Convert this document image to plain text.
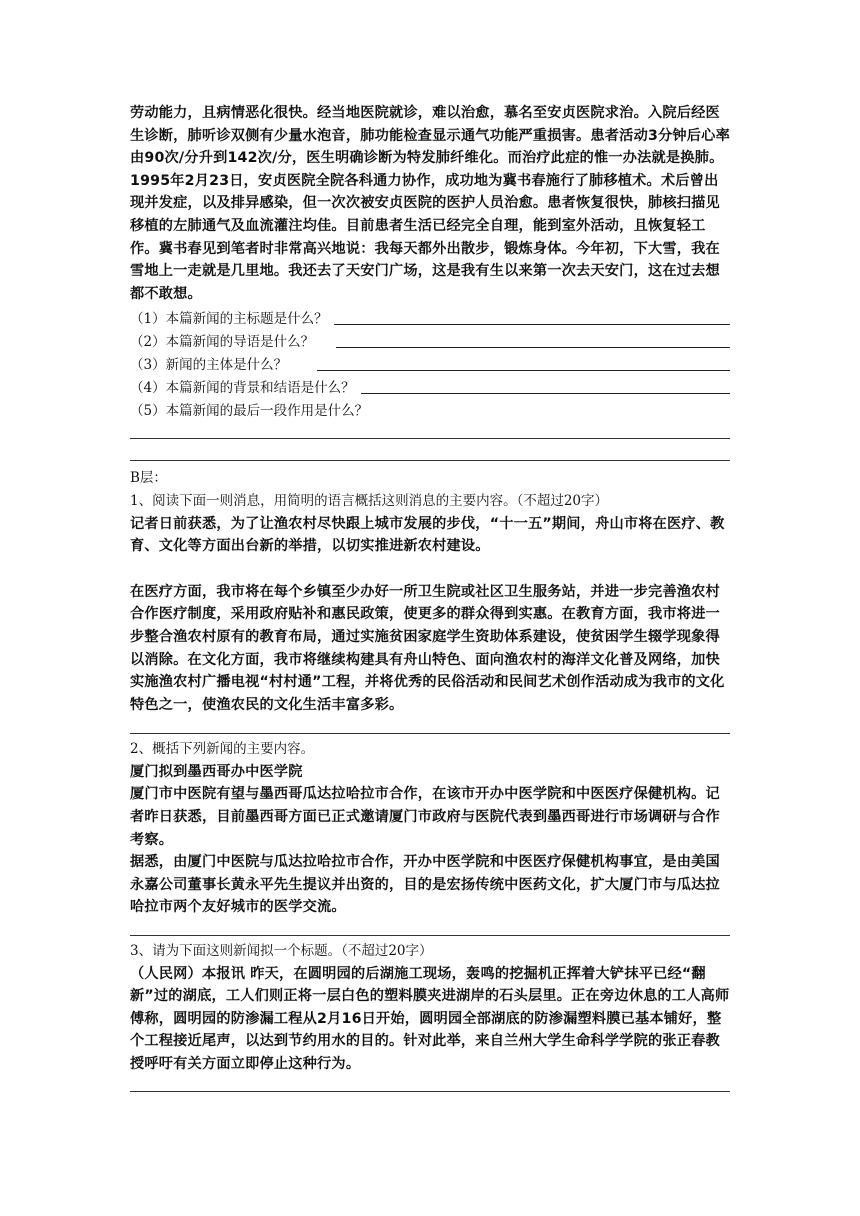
劳动能力，且病情恶化很快。经当地医院就诊，难以治愈，慕名至安贞医院求治。入院后经医生诊断，肺听诊双侧有少量水泡音，肺功能检查显示通气功能严重损害。患者活动3分钟后心率由90次/分升到142次/分，医生明确诊断为特发肺纤维化。而治疗此症的惟一办法就是换肺。1995年2月23日，安贞医院全院各科通力协作，成功地为冀书春施行了肺移植术。术后曾出现并发症，以及排异感染，但一次次被安贞医院的医护人员治愈。患者恢复很快，肺核扫描见移植的左肺通气及血流灌注均佳。目前患者生活已经完全自理，能到室外活动，且恢复轻工作。冀书春见到笔者时非常高兴地说：我每天都外出散步，锻炼身体。今年初，下大雪，我在雪地上一走就是几里地。我还去了天安门广场，这是我有生以来第一次去天安门，这在过去想都不敢想。

（1）本篇新闻的主标题是什么？
（2）本篇新闻的导语是什么？
（3）新闻的主体是什么？
（4）本篇新闻的背景和结语是什么？
（5）本篇新闻的最后一段作用是什么？
B层：
1、阅读下面一则消息，用简明的语言概括这则消息的主要内容。（不超过20字）

记者日前获悉，为了让渔农村尽快跟上城市发展的步伐，“十一五”期间，舟山市将在医疗、教育、文化等方面出台新的举措，以切实推进新农村建设。

在医疗方面，我市将在每个乡镇至少办好一所卫生院或社区卫生服务站，并进一步完善渔农村合作医疗制度，采用政府贴补和惠民政策，使更多的群众得到实惠。在教育方面，我市将进一步整合渔农村原有的教育布局，通过实施贫困家庭学生资助体系建设，使贫困学生辍学现象得以消除。在文化方面，我市将继续构建具有舟山特色、面向渔农村的海洋文化普及网络，加快实施渔农村广播电视“村村通”工程，并将优秀的民俗活动和民间艺术创作活动成为我市的文化特色之一，使渔农民的文化生活丰富多彩。

2、概括下列新闻的主要内容。
厦门拟到墨西哥办中医学院

厦门市中医院有望与墨西哥瓜达拉哈拉市合作，在该市开办中医学院和中医医疗保健机构。记者昨日获悉，目前墨西哥方面已正式邀请厦门市政府与医院代表到墨西哥进行市场调研与合作考察。

据悉，由厦门中医院与瓜达拉哈拉市合作，开办中医学院和中医医疗保健机构事宜，是由美国永嘉公司董事长黄永平先生提议并出资的，目的是宏扬传统中医药文化，扩大厦门市与瓜达拉哈拉市两个友好城市的医学交流。

3、请为下面这则新闻拟一个标题。（不超过20字）

（人民网）本报讯 昨天，在圆明园的后湖施工现场，轰鸣的挖掘机正挥着大铲抹平已经“翻新”过的湖底，工人们则正将一层白色的塑料膜夹进湖岸的石头层里。正在旁边休息的工人高师傅称，圆明园的防渗漏工程从2月16日开始，圆明园全部湖底的防渗漏塑料膜已基本铺好，整个工程接近尾声，以达到节约用水的目的。针对此举，来自兰州大学生命科学学院的张正春教授呼吁有关方面立即停止这种行为。
